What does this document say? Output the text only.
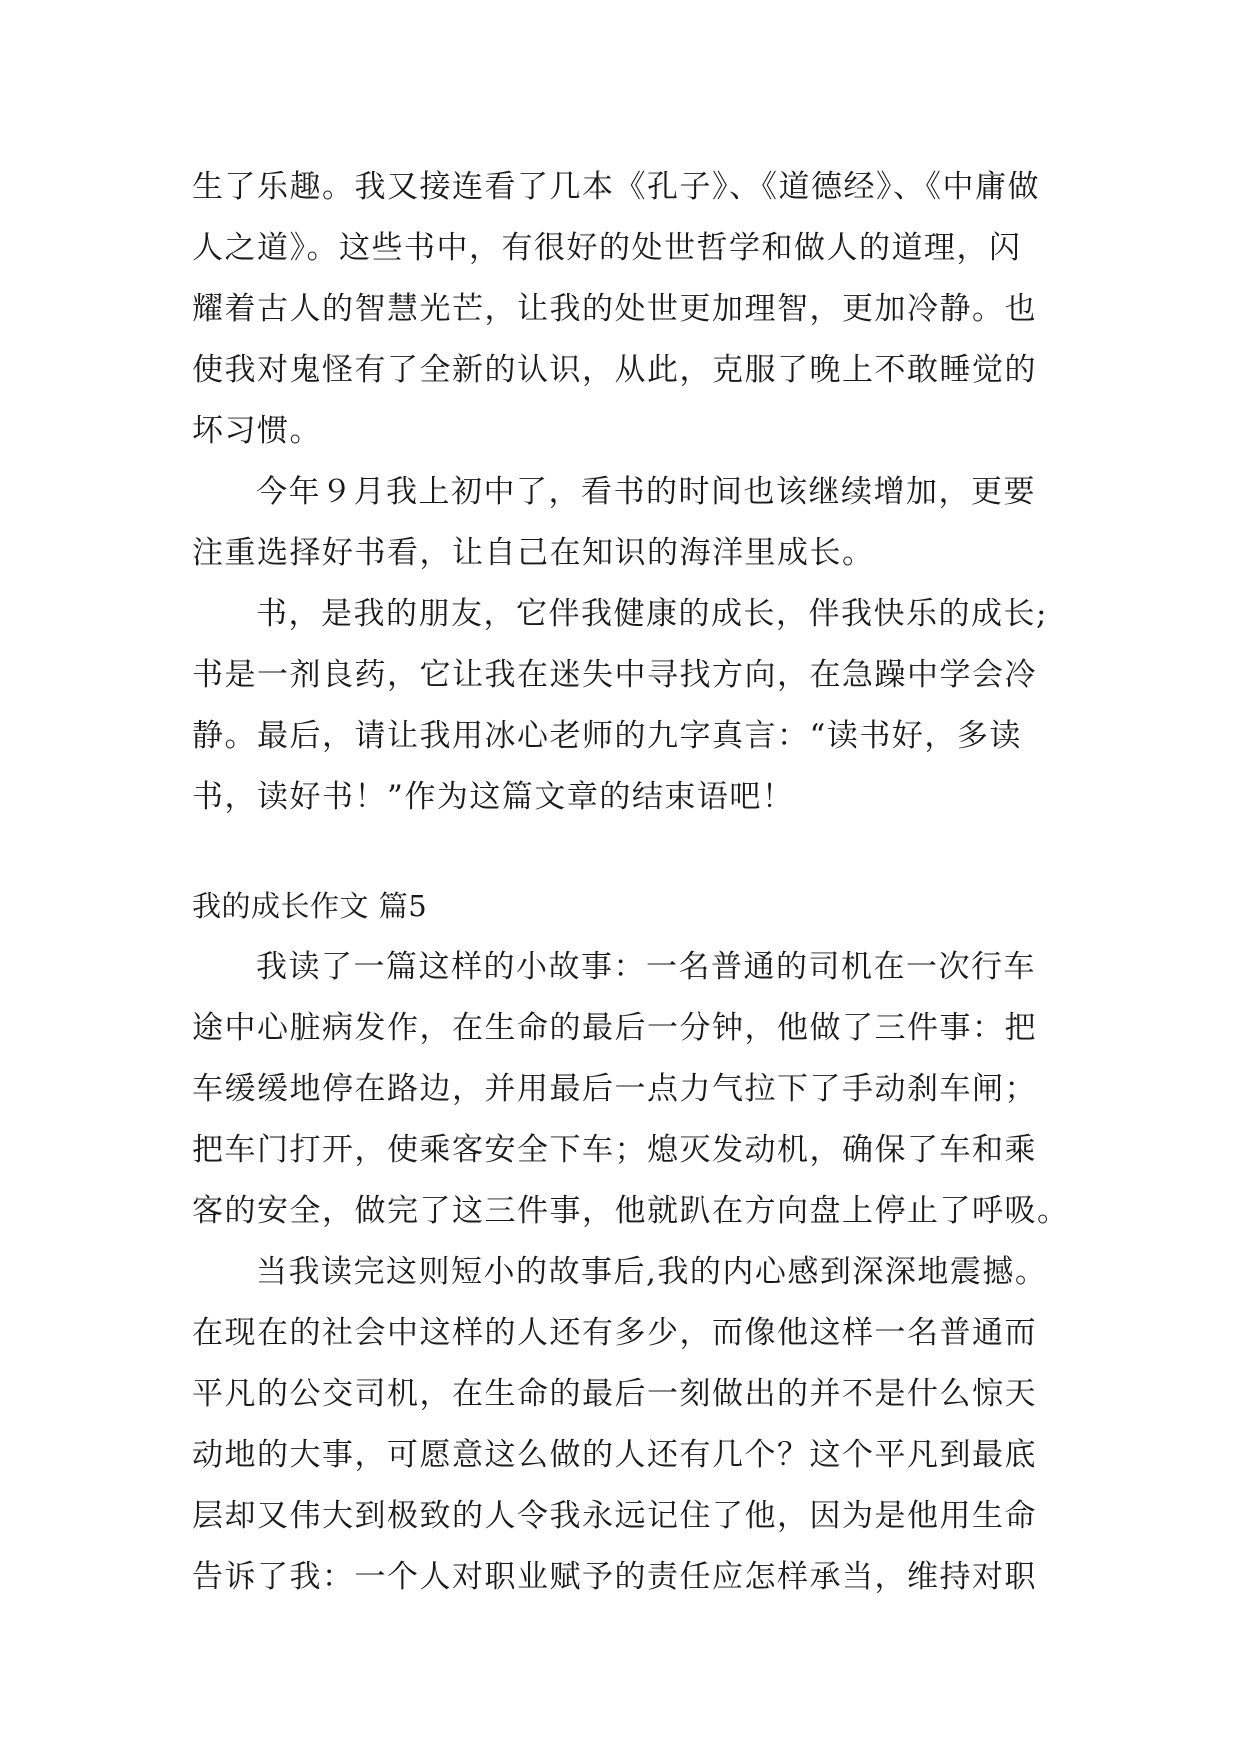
生了乐趣。我又接连看了几本《孔子》、《道德经》、《中庸做
人之道》。这些书中，有很好的处世哲学和做人的道理，闪
耀着古人的智慧光芒，让我的处世更加理智，更加冷静。也
使我对鬼怪有了全新的认识，从此，克服了晚上不敢睡觉的
坏习惯。
今年９月我上初中了，看书的时间也该继续增加，更要
注重选择好书看，让自己在知识的海洋里成长。
书，是我的朋友，它伴我健康的成长，伴我快乐的成长;
书是一剂良药，它让我在迷失中寻找方向，在急躁中学会冷
静。最后，请让我用冰心老师的九字真言：“读书好，多读
书，读好书！”作为这篇文章的结束语吧！
我的成长作文 篇5
我读了一篇这样的小故事：一名普通的司机在一次行车
途中心脏病发作，在生命的最后一分钟，他做了三件事：把
车缓缓地停在路边，并用最后一点力气拉下了手动刹车闸；
把车门打开，使乘客安全下车；熄灭发动机，确保了车和乘
客的安全，做完了这三件事，他就趴在方向盘上停止了呼吸。
当我读完这则短小的故事后,我的内心感到深深地震撼。
在现在的社会中这样的人还有多少，而像他这样一名普通而
平凡的公交司机，在生命的最后一刻做出的并不是什么惊天
动地的大事，可愿意这么做的人还有几个？这个平凡到最底
层却又伟大到极致的人令我永远记住了他，因为是他用生命
告诉了我：一个人对职业赋予的责任应怎样承当，维持对职
